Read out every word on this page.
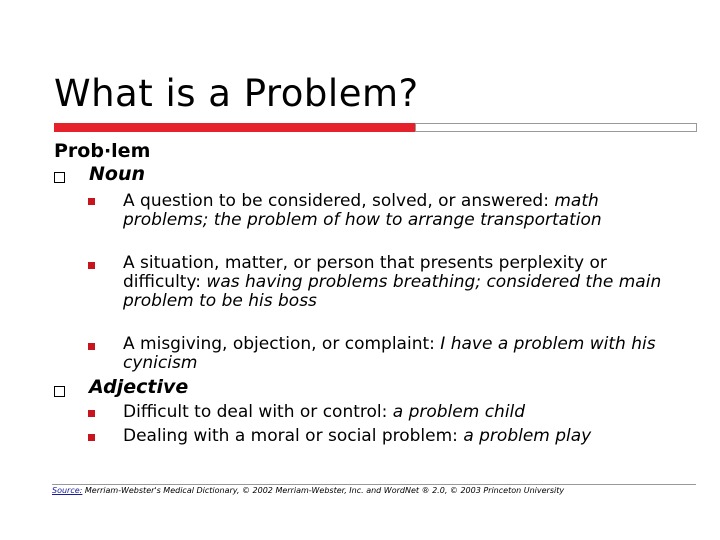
What is a Problem?
Prob·lem
Noun
A question to be considered, solved, or answered: math problems; the problem of how to arrange transportation
A situation, matter, or person that presents perplexity or difficulty: was having problems breathing; considered the main problem to be his boss
A misgiving, objection, or complaint: I have a problem with his cynicism
Adjective
Difficult to deal with or control: a problem child
Dealing with a moral or social problem: a problem play
Source: Merriam-Webster's Medical Dictionary, © 2002 Merriam-Webster, Inc. and WordNet ® 2.0, © 2003 Princeton University
